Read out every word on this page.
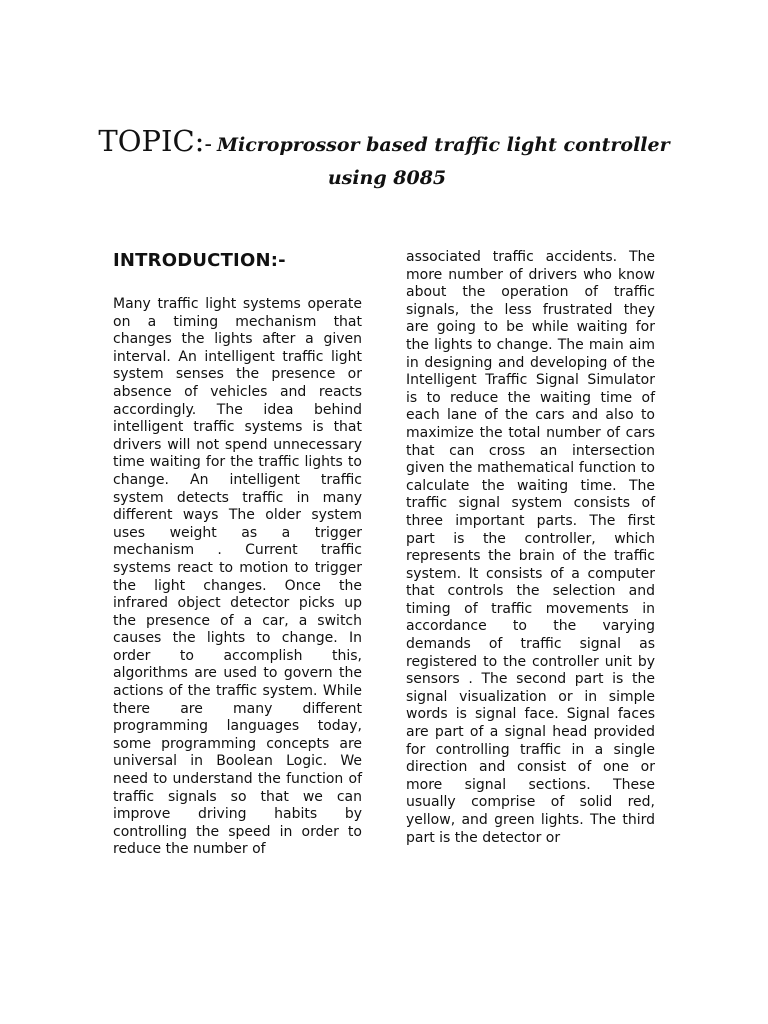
TOPIC:- Microprossor based traffic light controller
using 8085
INTRODUCTION:-

Many traffic light systems operate on a timing mechanism that changes the lights after a given interval. An intelligent traffic light system senses the presence or absence of vehicles and reacts accordingly. The idea behind intelligent traffic systems is that drivers will not spend unnecessary time waiting for the traffic lights to change. An intelligent traffic system detects traffic in many different ways The older system uses weight as a trigger mechanism . Current traffic systems react to motion to trigger the light changes. Once the infrared object detector picks up the presence of a car, a switch causes the lights to change. In order to accomplish this, algorithms are used to govern the actions of the traffic system. While there are many different programming languages today, some programming concepts are universal in Boolean Logic. We need to understand the function of traffic signals so that we can improve driving habits by controlling the speed in order to reduce the number of

associated traffic accidents. The more number of drivers who know about the operation of traffic signals, the less frustrated they are going to be while waiting for the lights to change. The main aim in designing and developing of the Intelligent Traffic Signal Simulator is to reduce the waiting time of each lane of the cars and also to maximize the total number of cars that can cross an intersection given the mathematical function to calculate the waiting time. The traffic signal system consists of three important parts. The first part is the controller, which represents the brain of the traffic system. It consists of a computer that controls the selection and timing of traffic movements in accordance to the varying demands of traffic signal as registered to the controller unit by sensors . The second part is the signal visualization or in simple words is signal face. Signal faces are part of a signal head provided for controlling traffic in a single direction and consist of one or more signal sections. These usually comprise of solid red, yellow, and green lights. The third part is the detector or
